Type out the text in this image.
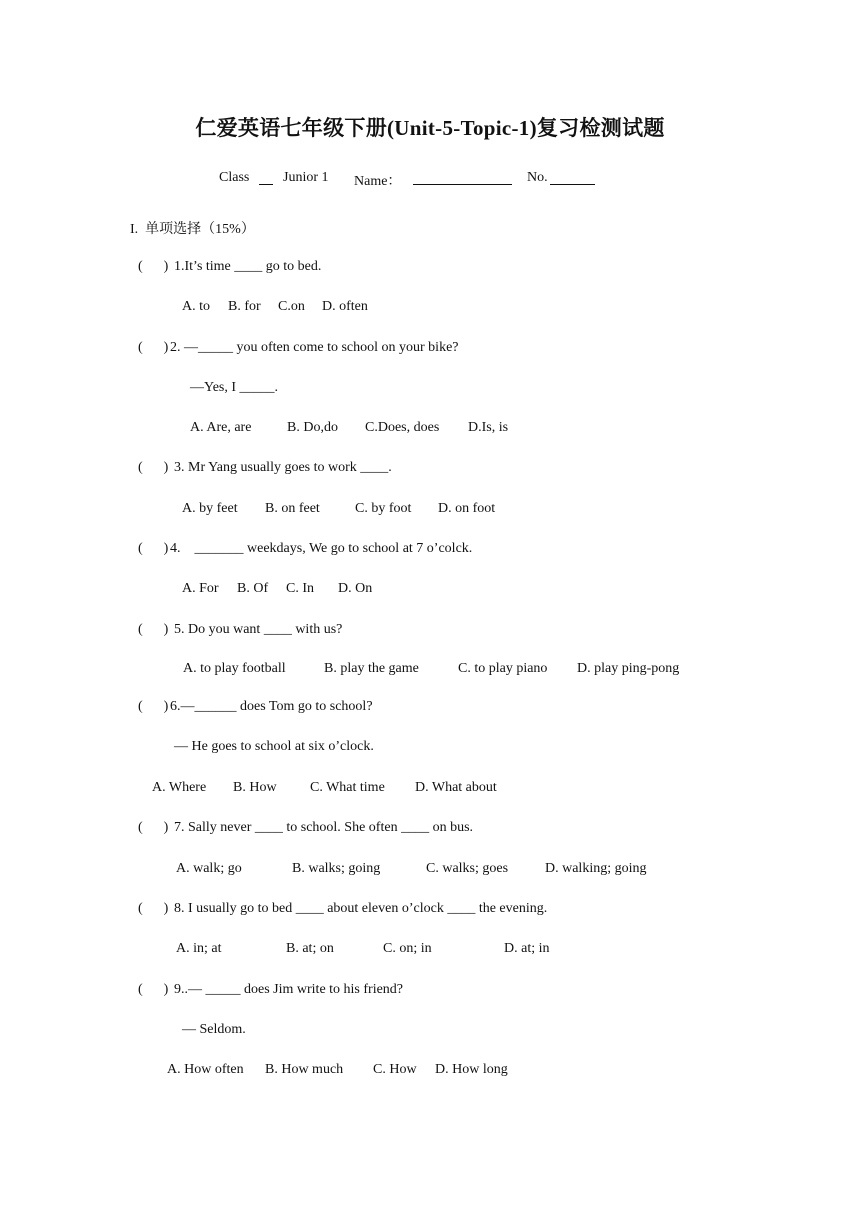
仁爱英语七年级下册(Unit-5-Topic-1)复习检测试题
Class Junior 1 Name：	No.
I.  单项选择（15%）
(      ) 1.It’s time ____ go to bed.
A. to B. for C.on D. often
(      ) 2. —_____ you often come to school on your bike?
—Yes, I _____.
A. Are, are	B. Do,do C.Does, does D.Is, is
(      ) 3. Mr Yang usually goes to work ____.
A. by feet B. on feet	C. by foot D. on foot
(      ) 4.    _______ weekdays, We go to school at 7 o’colck.
A. For B. Of C. In D. On
(      ) 5. Do you want ____ with us?
A. to play football	B. play the game	C. to play piano D. play ping-pong
(      ) 6.—______ does Tom go to school?
— He goes to school at six o’clock.
A. Where B. How C. What time D. What about
(      ) 7. Sally never ____ to school. She often ____ on bus.
A. walk; go	B. walks; going	C. walks; goes	D. walking; going
(      ) 8. I usually go to bed ____ about eleven o’clock ____ the evening.
A. in; at	B. at; on	C. on; in	D. at; in
(      ) 9..— _____ does Jim write to his friend?
— Seldom.
A. How often B. How much C. How D. How long
